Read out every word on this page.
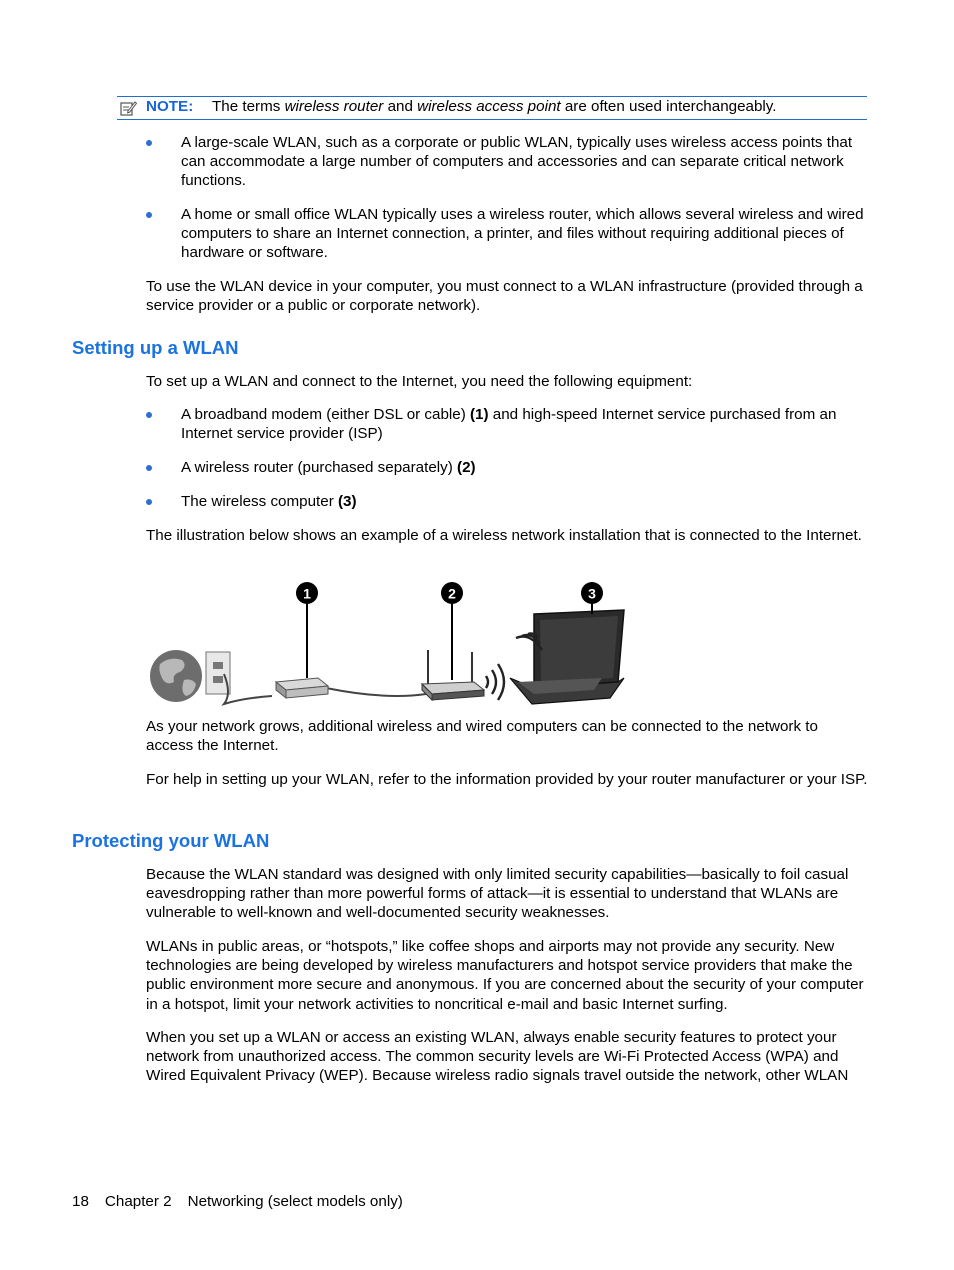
NOTE: The terms wireless router and wireless access point are often used interchangeably.
A large-scale WLAN, such as a corporate or public WLAN, typically uses wireless access points that can accommodate a large number of computers and accessories and can separate critical network functions.
A home or small office WLAN typically uses a wireless router, which allows several wireless and wired computers to share an Internet connection, a printer, and files without requiring additional pieces of hardware or software.
To use the WLAN device in your computer, you must connect to a WLAN infrastructure (provided through a service provider or a public or corporate network).
Setting up a WLAN
To set up a WLAN and connect to the Internet, you need the following equipment:
A broadband modem (either DSL or cable) (1) and high-speed Internet service purchased from an Internet service provider (ISP)
A wireless router (purchased separately) (2)
The wireless computer (3)
The illustration below shows an example of a wireless network installation that is connected to the Internet.
1	2	3
As your network grows, additional wireless and wired computers can be connected to the network to access the Internet.
For help in setting up your WLAN, refer to the information provided by your router manufacturer or your ISP.
Protecting your WLAN
Because the WLAN standard was designed with only limited security capabilities—basically to foil casual eavesdropping rather than more powerful forms of attack—it is essential to understand that WLANs are vulnerable to well-known and well-documented security weaknesses.
WLANs in public areas, or “hotspots,” like coffee shops and airports may not provide any security. New technologies are being developed by wireless manufacturers and hotspot service providers that make the public environment more secure and anonymous. If you are concerned about the security of your computer in a hotspot, limit your network activities to noncritical e-mail and basic Internet surfing.
When you set up a WLAN or access an existing WLAN, always enable security features to protect your network from unauthorized access. The common security levels are Wi-Fi Protected Access (WPA) and Wired Equivalent Privacy (WEP). Because wireless radio signals travel outside the network, other WLAN
18 Chapter 2 Networking (select models only)
